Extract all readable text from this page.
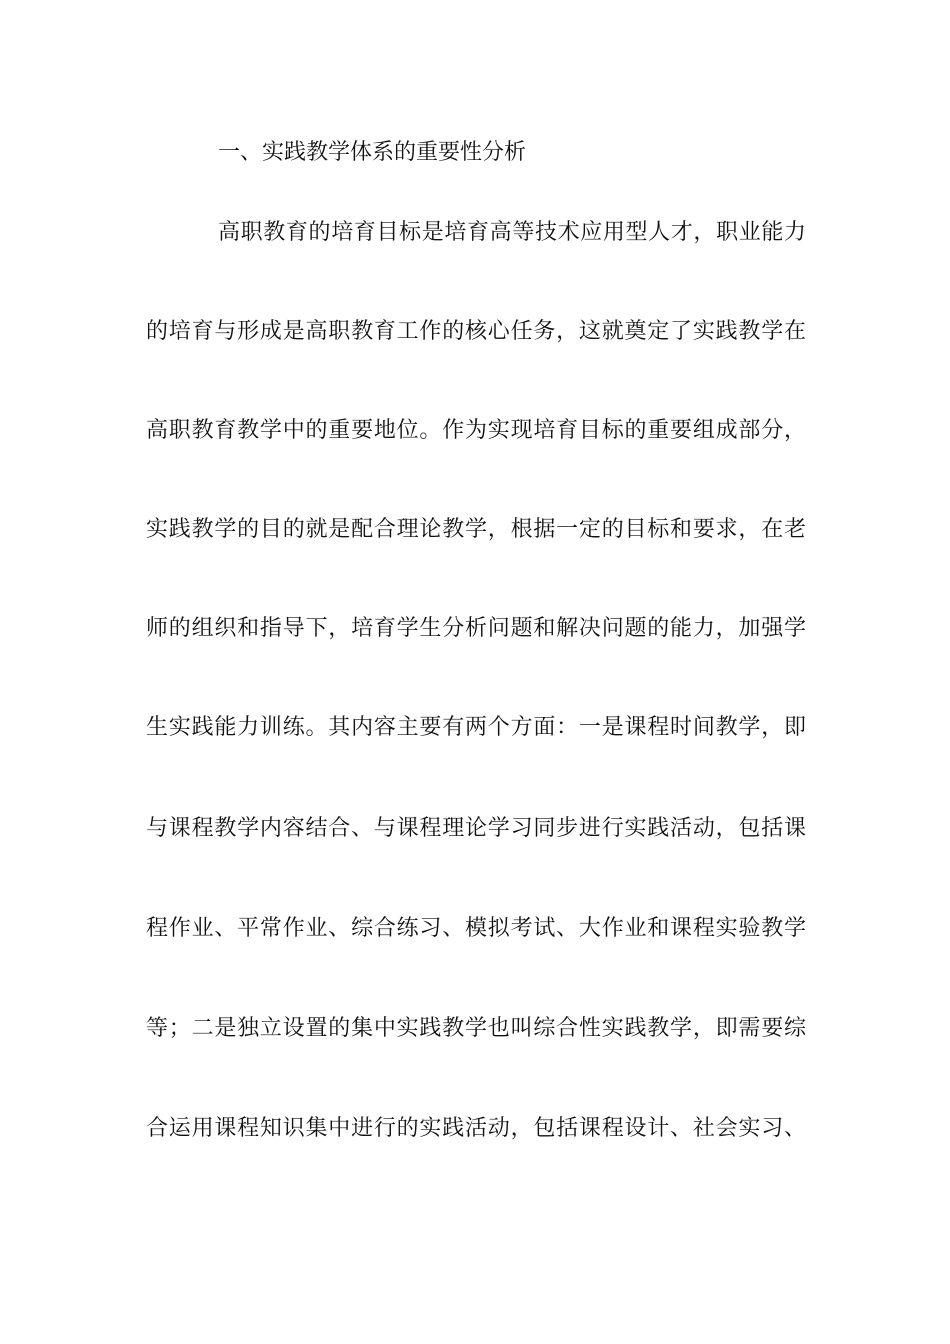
一、实践教学体系的重要性分析
高职教育的培育目标是培育高等技术应用型人才，职业能力
的培育与形成是高职教育工作的核心任务，这就奠定了实践教学在
高职教育教学中的重要地位。作为实现培育目标的重要组成部分，
实践教学的目的就是配合理论教学，根据一定的目标和要求，在老
师的组织和指导下，培育学生分析问题和解决问题的能力，加强学
生实践能力训练。其内容主要有两个方面：一是课程时间教学，即
与课程教学内容结合、与课程理论学习同步进行实践活动，包括课
程作业、平常作业、综合练习、模拟考试、大作业和课程实验教学
等；二是独立设置的集中实践教学也叫综合性实践教学，即需要综
合运用课程知识集中进行的实践活动，包括课程设计、社会实习、
